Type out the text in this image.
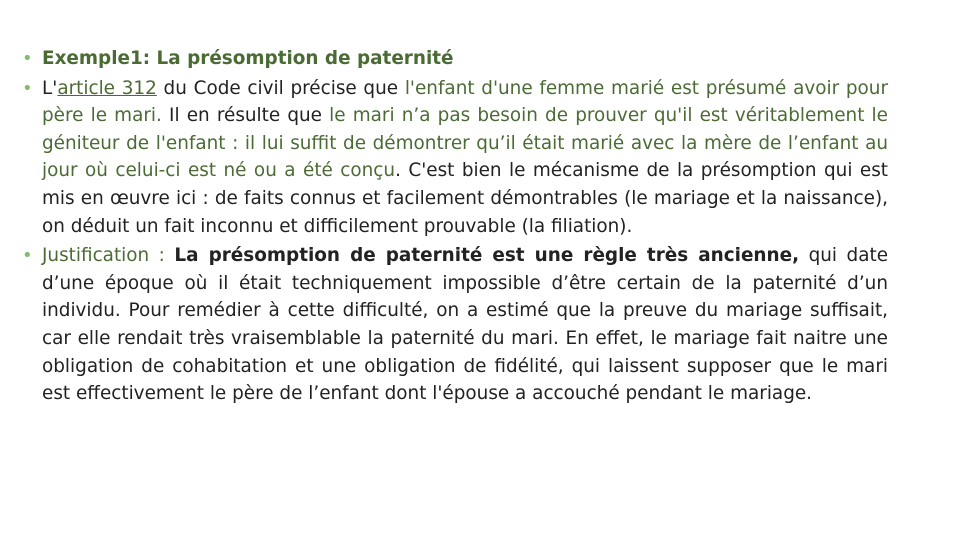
• Exemple1: La présomption de paternité
• L'article 312 du Code civil précise que l'enfant d'une femme marié est présumé avoir pour père le mari. Il en résulte que le mari n’a pas besoin de prouver qu'il est véritablement le géniteur de l'enfant : il lui suffit de démontrer qu’il était marié avec la mère de l’enfant au jour où celui-ci est né ou a été conçu. C'est bien le mécanisme de la présomption qui est mis en œuvre ici : de faits connus et facilement démontrables (le mariage et la naissance), on déduit un fait inconnu et difficilement prouvable (la filiation).
• Justification : La présomption de paternité est une règle très ancienne, qui date d’une époque où il était techniquement impossible d’être certain de la paternité d’un individu. Pour remédier à cette difficulté, on a estimé que la preuve du mariage suffisait, car elle rendait très vraisemblable la paternité du mari. En effet, le mariage fait naitre une obligation de cohabitation et une obligation de fidélité, qui laissent supposer que le mari est effectivement le père de l’enfant dont l'épouse a accouché pendant le mariage.
